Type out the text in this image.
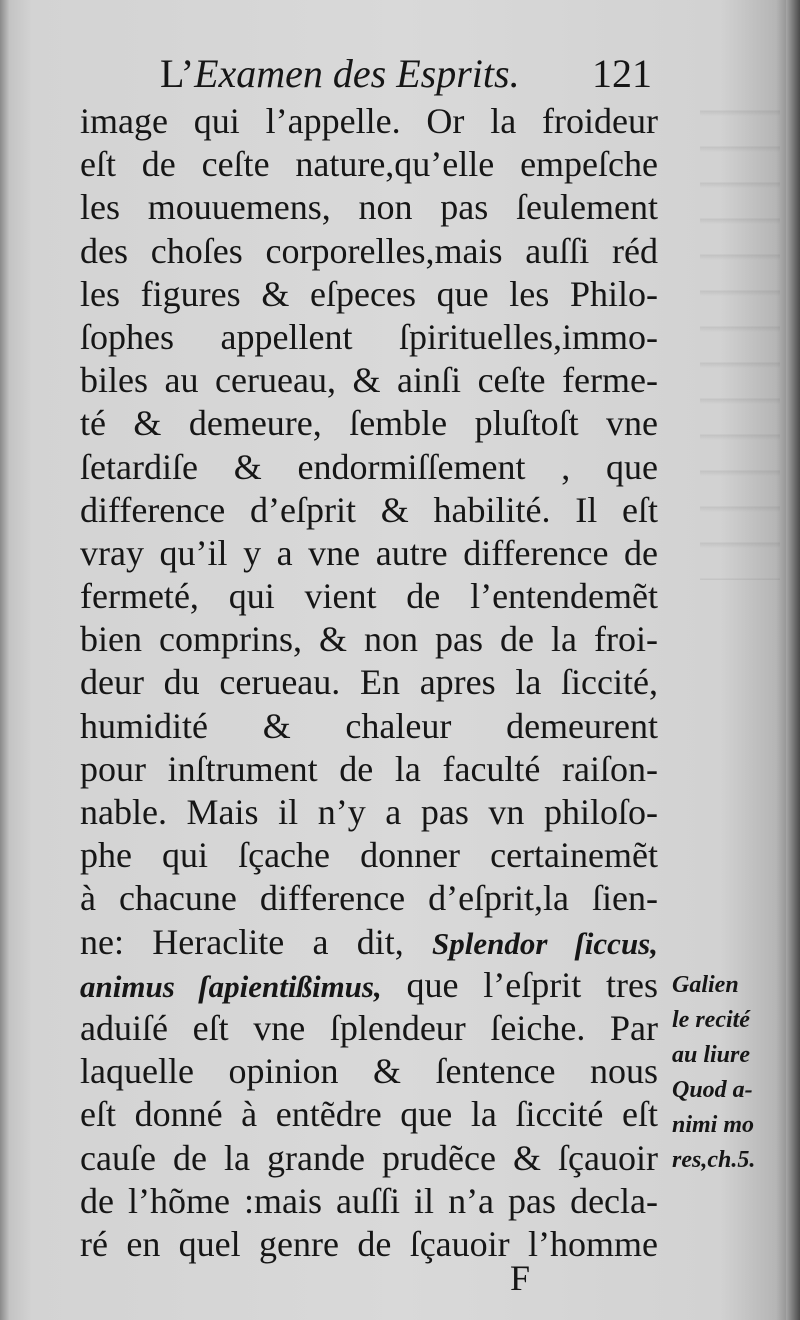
L’Examen des Esprits. 121
image qui l’appelle. Or la froideur
eſt de ceſte nature,qu’elle empeſche
les mouuemens, non pas ſeulement
des choſes corporelles,mais auſſi réd
les figures & eſpeces que les Philo-
ſophes appellent ſpirituelles,immo-
biles au cerueau, & ainſi ceſte ferme-
té & demeure, ſemble pluſtoſt vne
ſetardiſe & endormiſſement , que
difference d’eſprit & habilité. Il eſt
vray qu’il y a vne autre difference de
fermeté, qui vient de l’entendemẽt
bien comprins, & non pas de la froi-
deur du cerueau. En apres la ſiccité,
humidité & chaleur demeurent
pour inſtrument de la faculté raiſon-
nable. Mais il n’y a pas vn philoſo-
phe qui ſçache donner certainemẽt
à chacune difference d’eſprit,la ſien-
ne: Heraclite a dit, Splendor ſiccus,
animus ſapientißimus, que l’eſprit tres
aduiſé eſt vne ſplendeur ſeiche. Par
laquelle opinion & ſentence nous
eſt donné à entẽdre que la ſiccité eſt
cauſe de la grande prudẽce & ſçauoir
de l’hõme :mais auſſi il n’a pas decla-
ré en quel genre de ſçauoir l’homme
Galien
le recité
au liure
Quod a-
nimi mo
res,ch.5.
F
